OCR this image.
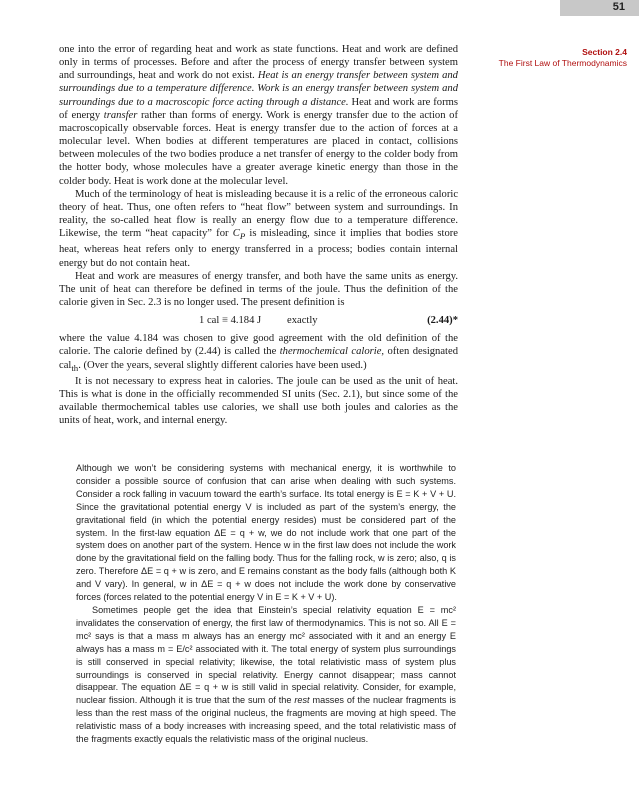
51
Section 2.4
The First Law of Thermodynamics

one into the error of regarding heat and work as state functions. Heat and work are defined only in terms of processes. Before and after the process of energy transfer between system and surroundings, heat and work do not exist. Heat is an energy transfer between system and surroundings due to a temperature difference. Work is an energy transfer between system and surroundings due to a macroscopic force acting through a distance. Heat and work are forms of energy transfer rather than forms of energy. Work is energy transfer due to the action of macroscopically observable forces. Heat is energy transfer due to the action of forces at a molecular level. When bodies at different temperatures are placed in contact, collisions between molecules of the two bodies produce a net transfer of energy to the colder body from the hotter body, whose molecules have a greater average kinetic energy than those in the colder body. Heat is work done at the molecular level.

Much of the terminology of heat is misleading because it is a relic of the erroneous caloric theory of heat. Thus, one often refers to “heat flow” between system and surroundings. In reality, the so-called heat flow is really an energy flow due to a temperature difference. Likewise, the term “heat capacity” for $C_P$ is misleading, since it implies that bodies store heat, whereas heat refers only to energy transferred in a process; bodies contain internal energy but do not contain heat.

Heat and work are measures of energy transfer, and both have the same units as energy. The unit of heat can therefore be defined in terms of the joule. Thus the definition of the calorie given in Sec. 2.3 is no longer used. The present definition is

1 cal ≡ 4.184 J exactly	(2.44)*

where the value 4.184 was chosen to give good agreement with the old definition of the calorie. The calorie defined by (2.44) is called the thermochemical calorie, often designated cal$_{th}$. (Over the years, several slightly different calories have been used.)

It is not necessary to express heat in calories. The joule can be used as the unit of heat. This is what is done in the officially recommended SI units (Sec. 2.1), but since some of the available thermochemical tables use calories, we shall use both joules and calories as the units of heat, work, and internal energy.

Although we won’t be considering systems with mechanical energy, it is worthwhile to consider a possible source of confusion that can arise when dealing with such systems. Consider a rock falling in vacuum toward the earth’s surface. Its total energy is E = K + V + U. Since the gravitational potential energy V is included as part of the system’s energy, the gravitational field (in which the potential energy resides) must be considered part of the system. In the first-law equation ΔE = q + w, we do not include work that one part of the system does on another part of the system. Hence w in the first law does not include the work done by the gravitational field on the falling body. Thus for the falling rock, w is zero; also, q is zero. Therefore ΔE = q + w is zero, and E remains constant as the body falls (although both K and V vary). In general, w in ΔE = q + w does not include the work done by conservative forces (forces related to the potential energy V in E = K + V + U).

Sometimes people get the idea that Einstein’s special relativity equation E = mc² invalidates the conservation of energy, the first law of thermodynamics. This is not so. All E = mc² says is that a mass m always has an energy mc² associated with it and an energy E always has a mass m = E/c² associated with it. The total energy of system plus surroundings is still conserved in special relativity; likewise, the total relativistic mass of system plus surroundings is conserved in special relativity. Energy cannot disappear; mass cannot disappear. The equation ΔE = q + w is still valid in special relativity. Consider, for example, nuclear fission. Although it is true that the sum of the rest masses of the nuclear fragments is less than the rest mass of the original nucleus, the fragments are moving at high speed. The relativistic mass of a body increases with increasing speed, and the total relativistic mass of the fragments exactly equals the relativistic mass of the original nucleus.
